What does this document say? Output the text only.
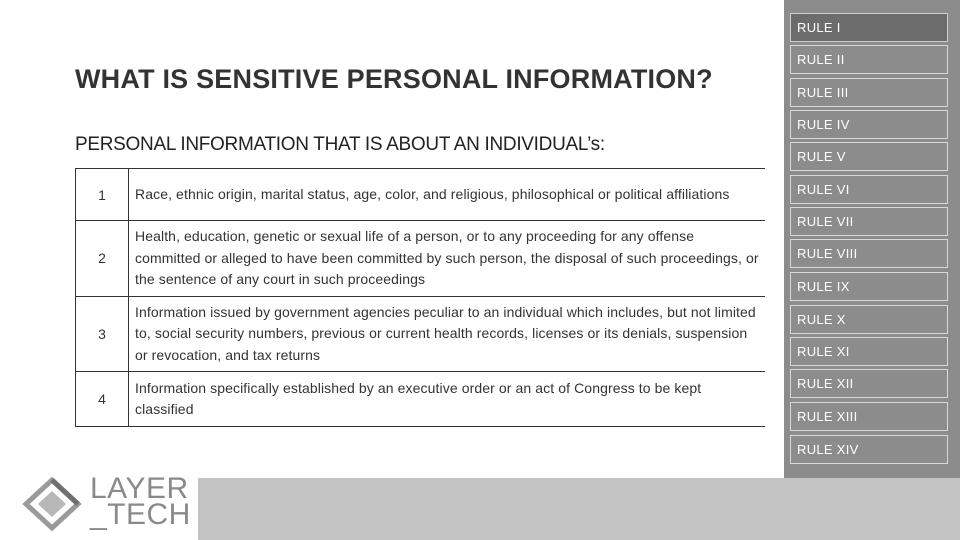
RULE I
RULE II
RULE III
RULE IV
RULE V
RULE VI
RULE VII
RULE VIII
RULE IX
RULE X
RULE XI
RULE XII
RULE XIII
RULE XIV
WHAT IS SENSITIVE PERSONAL INFORMATION?
PERSONAL INFORMATION THAT IS ABOUT AN INDIVIDUAL’s:
1	Race, ethnic origin, marital status, age, color, and religious, philosophical or political affiliations
2	Health, education, genetic or sexual life of a person, or to any proceeding for any offense committed or alleged to have been committed by such person, the disposal of such proceedings, or the sentence of any court in such proceedings
3	Information issued by government agencies peculiar to an individual which includes, but not limited to, social security numbers, previous or current health records, licenses or its denials, suspension or revocation, and tax returns
4	Information specifically established by an executive order or an act of Congress to be kept classified
LAYER
_TECH
